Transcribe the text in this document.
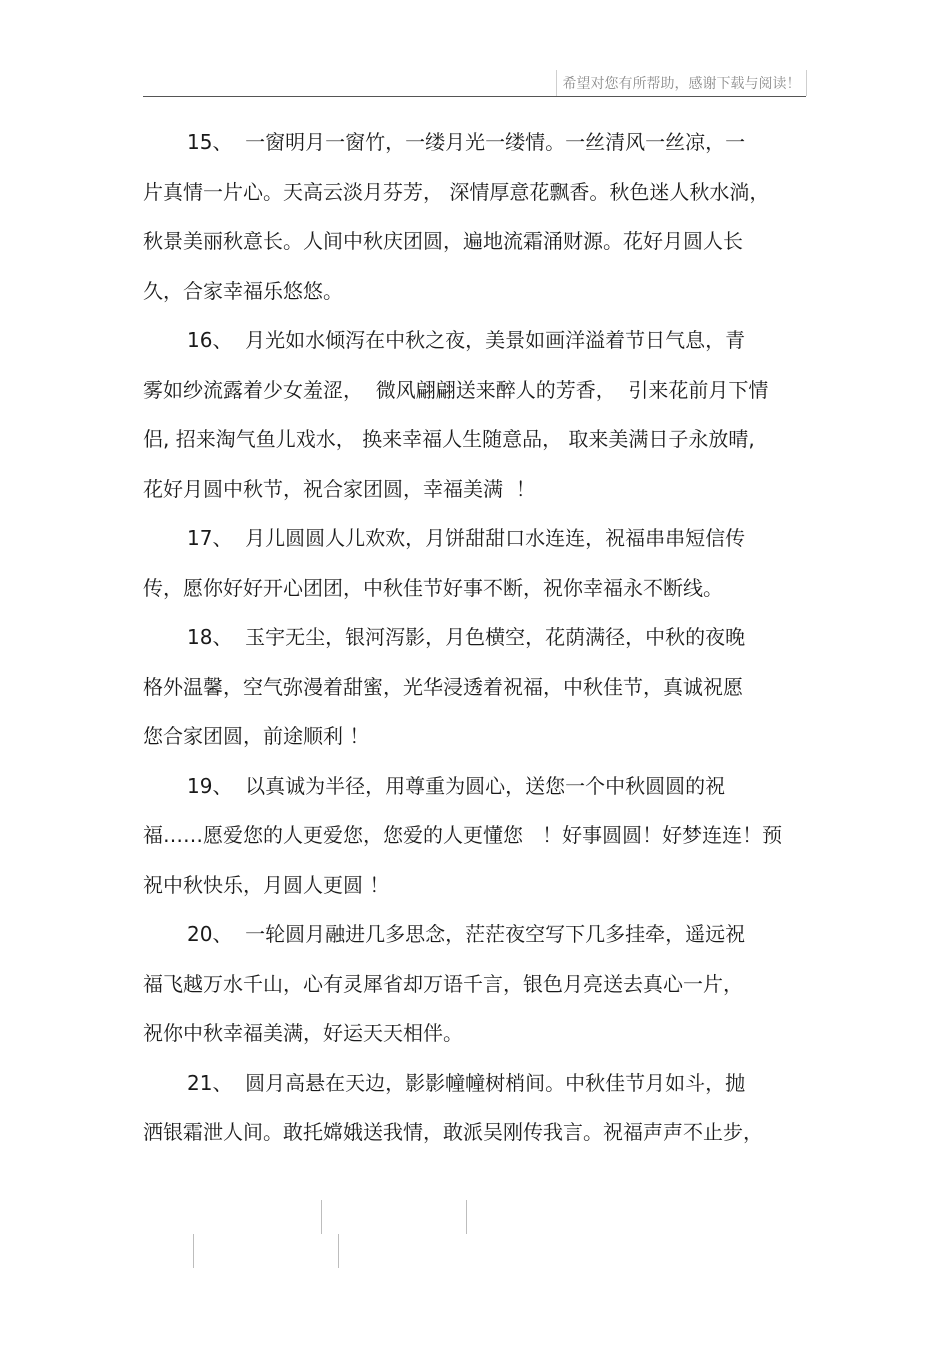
希望对您有所帮助，感谢下载与阅读！
15、  一窗明月一窗竹，一缕月光一缕情。一丝清风一丝凉，一
片真情一片心。天高云淡月芬芳， 深情厚意花飘香。秋色迷人秋水淌，
秋景美丽秋意长。人间中秋庆团圆，遍地流霜涌财源。花好月圆人长
久，合家幸福乐悠悠。
16、  月光如水倾泻在中秋之夜，美景如画洋溢着节日气息，青
雾如纱流露着少女羞涩，  微风翩翩送来醉人的芳香，  引来花前月下情
侣, 招来淘气鱼儿戏水， 换来幸福人生随意品， 取来美满日子永放晴,
花好月圆中秋节，祝合家团圆，幸福美满  ！
17、  月儿圆圆人儿欢欢，月饼甜甜口水连连，祝福串串短信传
传，愿你好好开心团团，中秋佳节好事不断，祝你幸福永不断线。
18、  玉宇无尘，银河泻影，月色横空，花荫满径，中秋的夜晚
格外温馨，空气弥漫着甜蜜，光华浸透着祝福，中秋佳节，真诚祝愿
您合家团圆，前途顺利 ！
19、  以真诚为半径，用尊重为圆心，送您一个中秋圆圆的祝
福……愿爱您的人更爱您，您爱的人更懂您   ！好事圆圆！好梦连连！预
祝中秋快乐，月圆人更圆 ！
20、  一轮圆月融进几多思念，茫茫夜空写下几多挂牵，遥远祝
福飞越万水千山，心有灵犀省却万语千言，银色月亮送去真心一片，
祝你中秋幸福美满，好运天天相伴。
21、  圆月高悬在天边，影影幢幢树梢间。中秋佳节月如斗，抛
洒银霜泄人间。敢托嫦娥送我情，敢派吴刚传我言。祝福声声不止步，
